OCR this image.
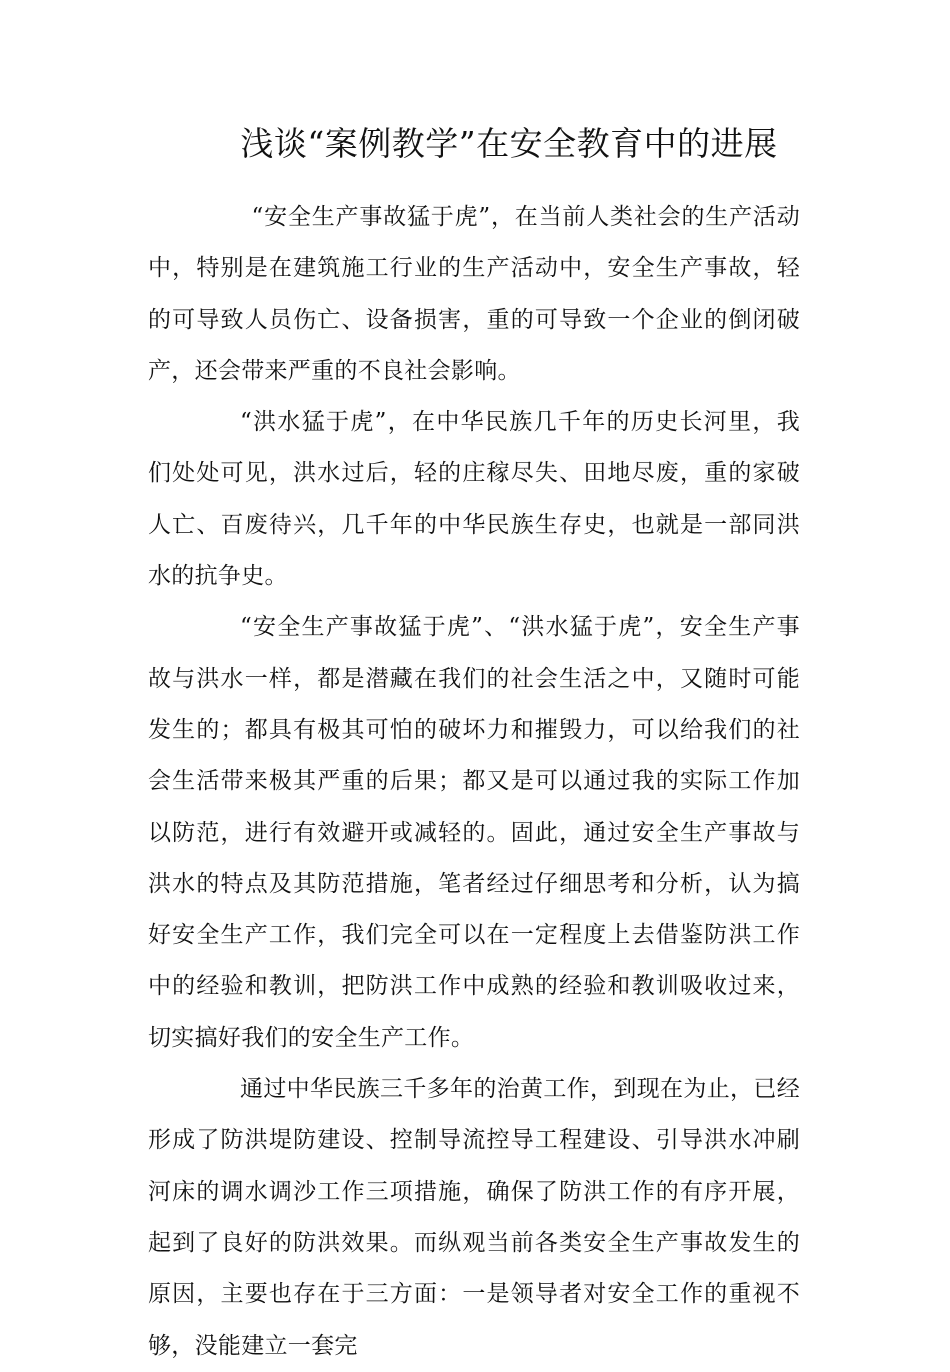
浅谈“案例教学”在安全教育中的进展

“安全生产事故猛于虎”，在当前人类社会的生产活动中，特别是在建筑施工行业的生产活动中，安全生产事故，轻的可导致人员伤亡、设备损害，重的可导致一个企业的倒闭破产，还会带来严重的不良社会影响。

“洪水猛于虎”，在中华民族几千年的历史长河里，我们处处可见，洪水过后，轻的庄稼尽失、田地尽废，重的家破人亡、百废待兴，几千年的中华民族生存史，也就是一部同洪水的抗争史。

“安全生产事故猛于虎”、“洪水猛于虎”，安全生产事故与洪水一样，都是潜藏在我们的社会生活之中，又随时可能发生的；都具有极其可怕的破坏力和摧毁力，可以给我们的社会生活带来极其严重的后果；都又是可以通过我的实际工作加以防范，进行有效避开或减轻的。固此，通过安全生产事故与洪水的特点及其防范措施，笔者经过仔细思考和分析，认为搞好安全生产工作，我们完全可以在一定程度上去借鉴防洪工作中的经验和教训，把防洪工作中成熟的经验和教训吸收过来，切实搞好我们的安全生产工作。

通过中华民族三千多年的治黄工作，到现在为止，已经形成了防洪堤防建设、控制导流控导工程建设、引导洪水冲刷河床的调水调沙工作三项措施，确保了防洪工作的有序开展，起到了良好的防洪效果。而纵观当前各类安全生产事故发生的原因，主要也存在于三方面：一是领导者对安全工作的重视不够，没能建立一套完
